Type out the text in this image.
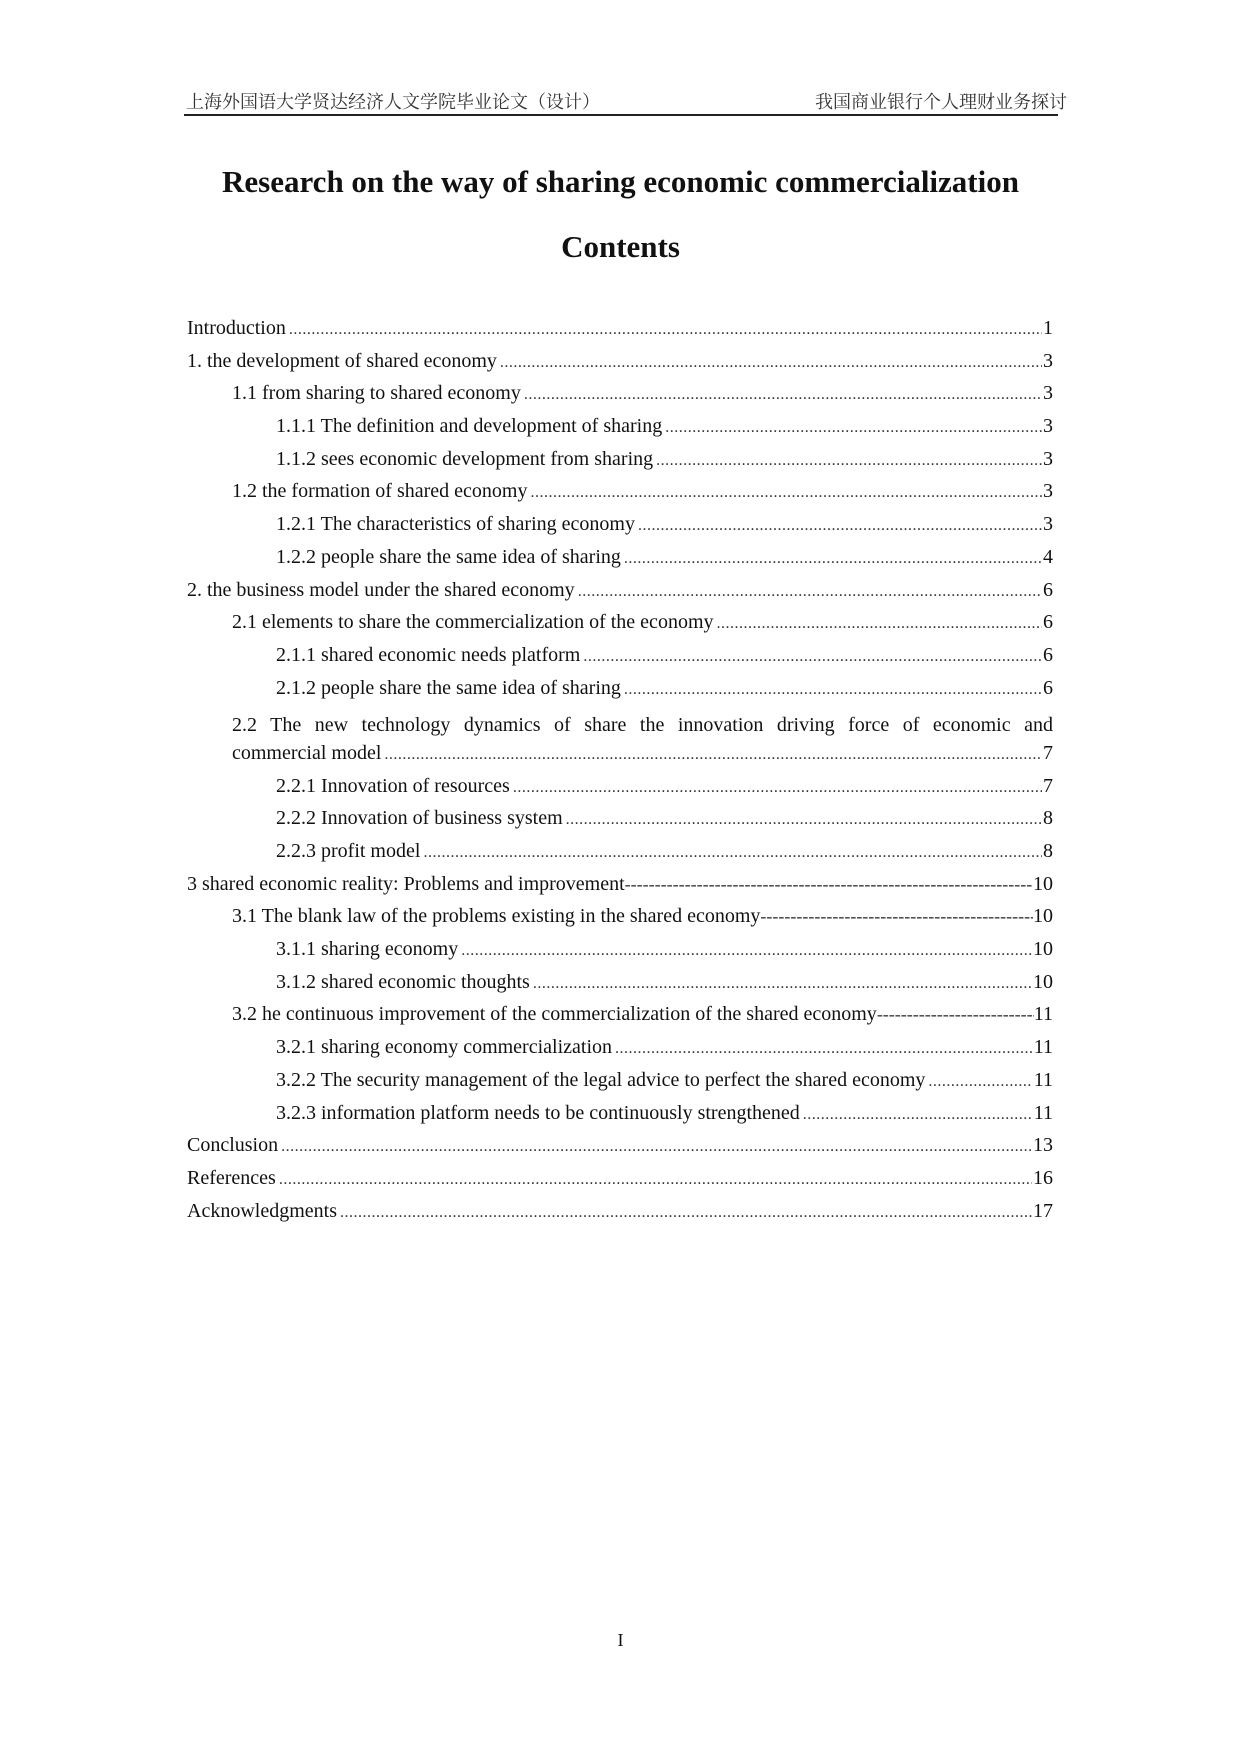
上海外国语大学贤达经济人文学院毕业论文（设计）	我国商业银行个人理财业务探讨
Research on the way of sharing economic commercialization
Contents
Introduction .....	1
1. the development of shared economy .....	3
1.1 from sharing to shared economy .....	3
1.1.1 The definition and development of sharing .....	3
1.1.2 sees economic development from sharing .....	3
1.2 the formation of shared economy .....	3
1.2.1 The characteristics of sharing economy .....	3
1.2.2 people share the same idea of sharing .....	4
2. the business model under the shared economy .....	6
2.1 elements to share the commercialization of the economy .....	6
2.1.1 shared economic needs platform .....	6
2.1.2 people share the same idea of sharing .....	6
2.2 The new technology dynamics of share the innovation driving force of economic and
commercial model .....	7
2.2.1 Innovation of resources .....	7
2.2.2 Innovation of business system .....	8
2.2.3 profit model .....	8
3 shared economic reality: Problems and improvement -----	10
3.1 The blank law of the problems existing in the shared economy -----	10
3.1.1 sharing economy .....	10
3.1.2 shared economic thoughts .....	10
3.2 he continuous improvement of the commercialization of the shared economy -----	11
3.2.1 sharing economy commercialization .....	11
3.2.2 The security management of the legal advice to perfect the shared economy .....	11
3.2.3 information platform needs to be continuously strengthened .....	11
Conclusion .....	13
References .....	16
Acknowledgments .....	17
I
